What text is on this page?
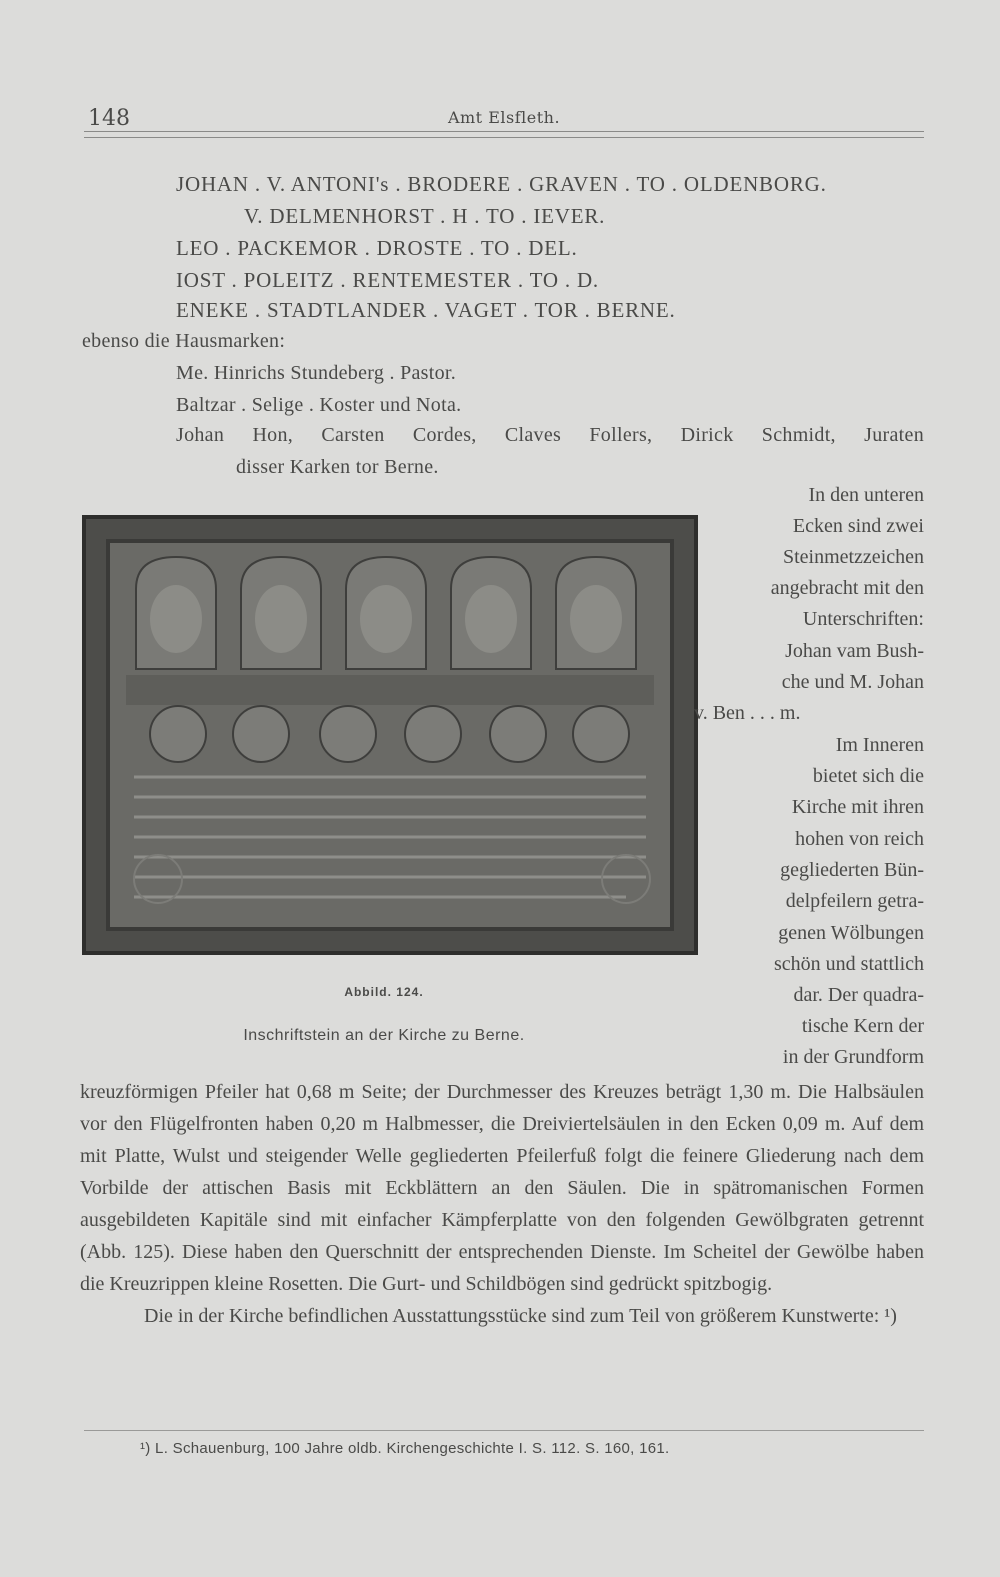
148	Amt Elsfleth.
JOHAN . V. ANTONI's . BRODERE . GRAVEN . TO . OLDENBORG.
V. DELMENHORST . H . TO . IEVER.
LEO . PACKEMOR . DROSTE . TO . DEL.
IOST . POLEITZ . RENTEMESTER . TO . D.
ENEKE . STADTLANDER . VAGET . TOR . BERNE.
ebenso die Hausmarken:
Me. Hinrichs Stundeberg . Pastor.
Baltzar . Selige . Koster und Nota.
Johan Hon, Carsten Cordes, Claves Follers, Dirick Schmidt, Juraten
disser Karken tor Berne.
Abbild. 124.
Inschriftstein an der Kirche zu Berne.
In den unteren
Ecken sind zwei
Steinmetzzeichen
angebracht mit den
Unterschriften:
Johan vam Bush-
che und M. Johan
v. Ben . . . m.
Im Inneren
bietet sich die
Kirche mit ihren
hohen von reich
gegliederten Bün-
delpfeilern getra-
genen Wölbungen
schön und stattlich
dar. Der quadra-
tische Kern der
in der Grundform

kreuzförmigen Pfeiler hat 0,68 m Seite; der Durchmesser des Kreuzes beträgt 1,30 m. Die Halbsäulen vor den Flügelfronten haben 0,20 m Halbmesser, die Dreiviertelsäulen in den Ecken 0,09 m. Auf dem mit Platte, Wulst und steigender Welle gegliederten Pfeilerfuß folgt die feinere Gliederung nach dem Vorbilde der attischen Basis mit Eckblättern an den Säulen. Die in spätromanischen Formen ausgebildeten Kapitäle sind mit einfacher Kämpferplatte von den folgenden Gewölbgraten getrennt (Abb. 125). Diese haben den Querschnitt der entsprechenden Dienste. Im Scheitel der Gewölbe haben die Kreuzrippen kleine Rosetten. Die Gurt- und Schildbögen sind gedrückt spitzbogig.

Die in der Kirche befindlichen Ausstattungsstücke sind zum Teil von größerem Kunstwerte: ¹)

¹) L. Schauenburg, 100 Jahre oldb. Kirchengeschichte I. S. 112. S. 160, 161.
